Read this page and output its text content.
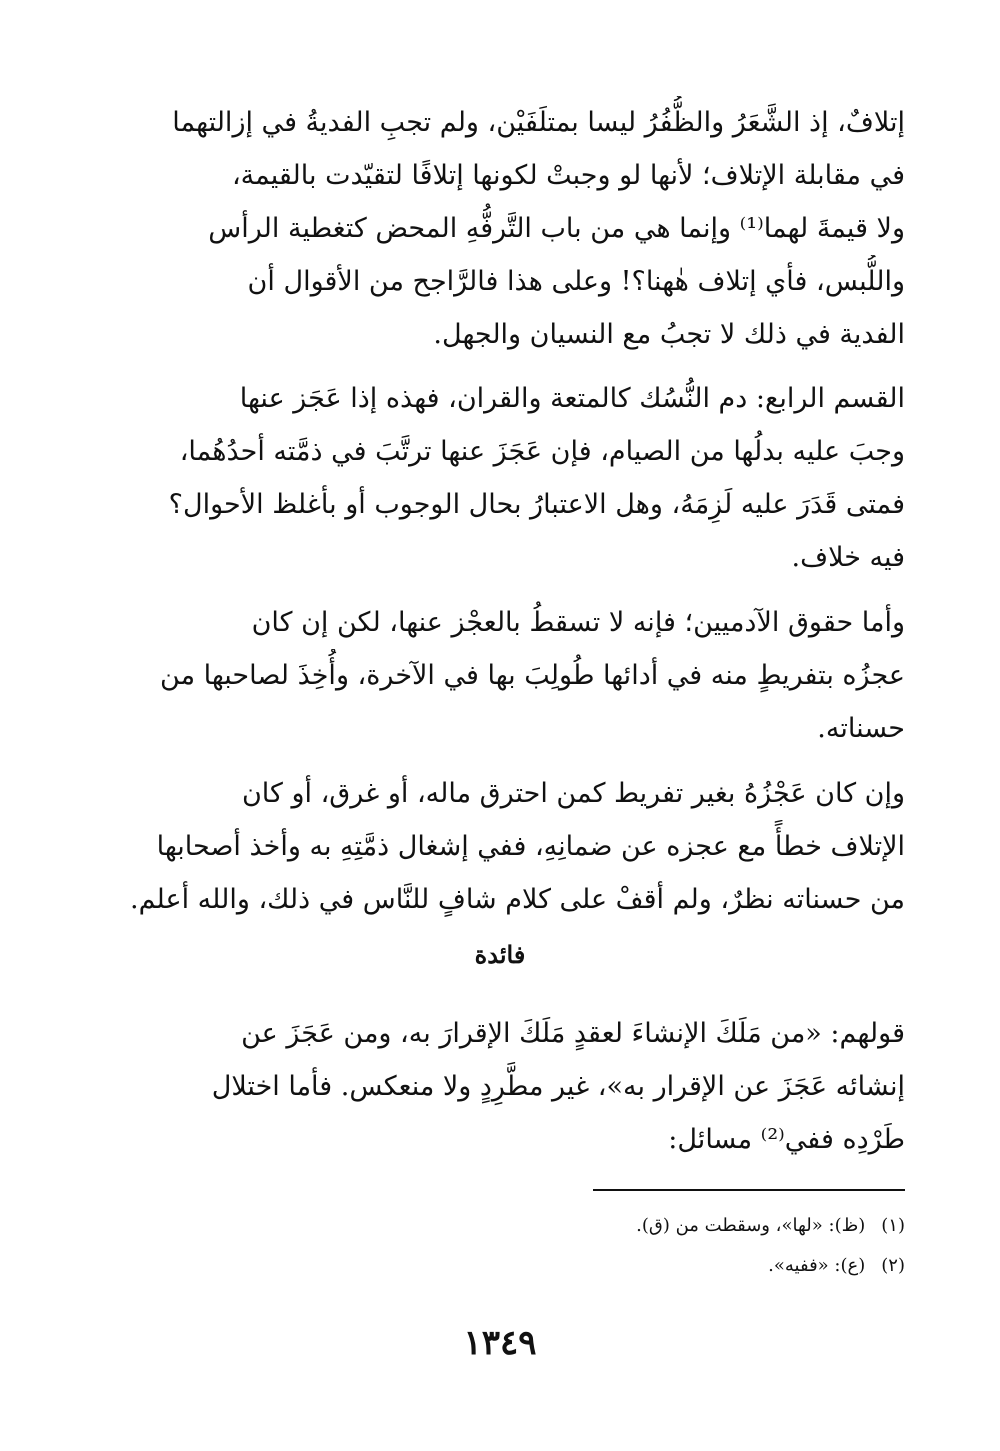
إتلافٌ، إذ الشَّعَرُ والظُّفُرُ ليسا بمتلَفَيْن، ولم تجبِ الفديةُ في إزالتهما
في مقابلة الإتلاف؛ لأنها لو وجبتْ لكونها إتلافًا لتقيّدت بالقيمة،
ولا قيمةَ لهما⁽¹⁾ وإنما هي من باب التَّرفُّهِ المحض كتغطية الرأس
واللُّبس، فأي إتلاف هٰهنا؟! وعلى هذا فالرَّاجح من الأقوال أن
الفدية في ذلك لا تجبُ مع النسيان والجهل.

القسم الرابع: دم النُّسُك كالمتعة والقران، فهذه إذا عَجَز عنها
وجبَ عليه بدلُها من الصيام، فإن عَجَزَ عنها ترتَّبَ في ذمَّته أحدُهُما،
فمتى قَدَرَ عليه لَزِمَهُ، وهل الاعتبارُ بحال الوجوب أو بأغلظ الأحوال؟
فيه خلاف.

وأما حقوق الآدميين؛ فإنه لا تسقطُ بالعجْز عنها، لكن إن كان
عجزُه بتفريطٍ منه في أدائها طُولِبَ بها في الآخرة، وأُخِذَ لصاحبها من
حسناته.

وإن كان عَجْزُهُ بغير تفريط كمن احترق ماله، أو غرق، أو كان
الإتلاف خطأً مع عجزه عن ضمانِهِ، ففي إشغال ذمَّتِهِ به وأخذ أصحابها
من حسناته نظرٌ، ولم أقفْ على كلام شافٍ للنَّاس في ذلك، والله أعلم.

فائدة

قولهم: «من مَلَكَ الإنشاءَ لعقدٍ مَلَكَ الإقرارَ به، ومن عَجَزَ عن
إنشائه عَجَزَ عن الإقرار به»، غير مطَّرِدٍ ولا منعكس. فأما اختلال
طَرْدِه ففي⁽²⁾ مسائل:

(١)(ظ): «لها»، وسقطت من (ق).
(٢)(ع): «ففيه».
١٣٤٩
